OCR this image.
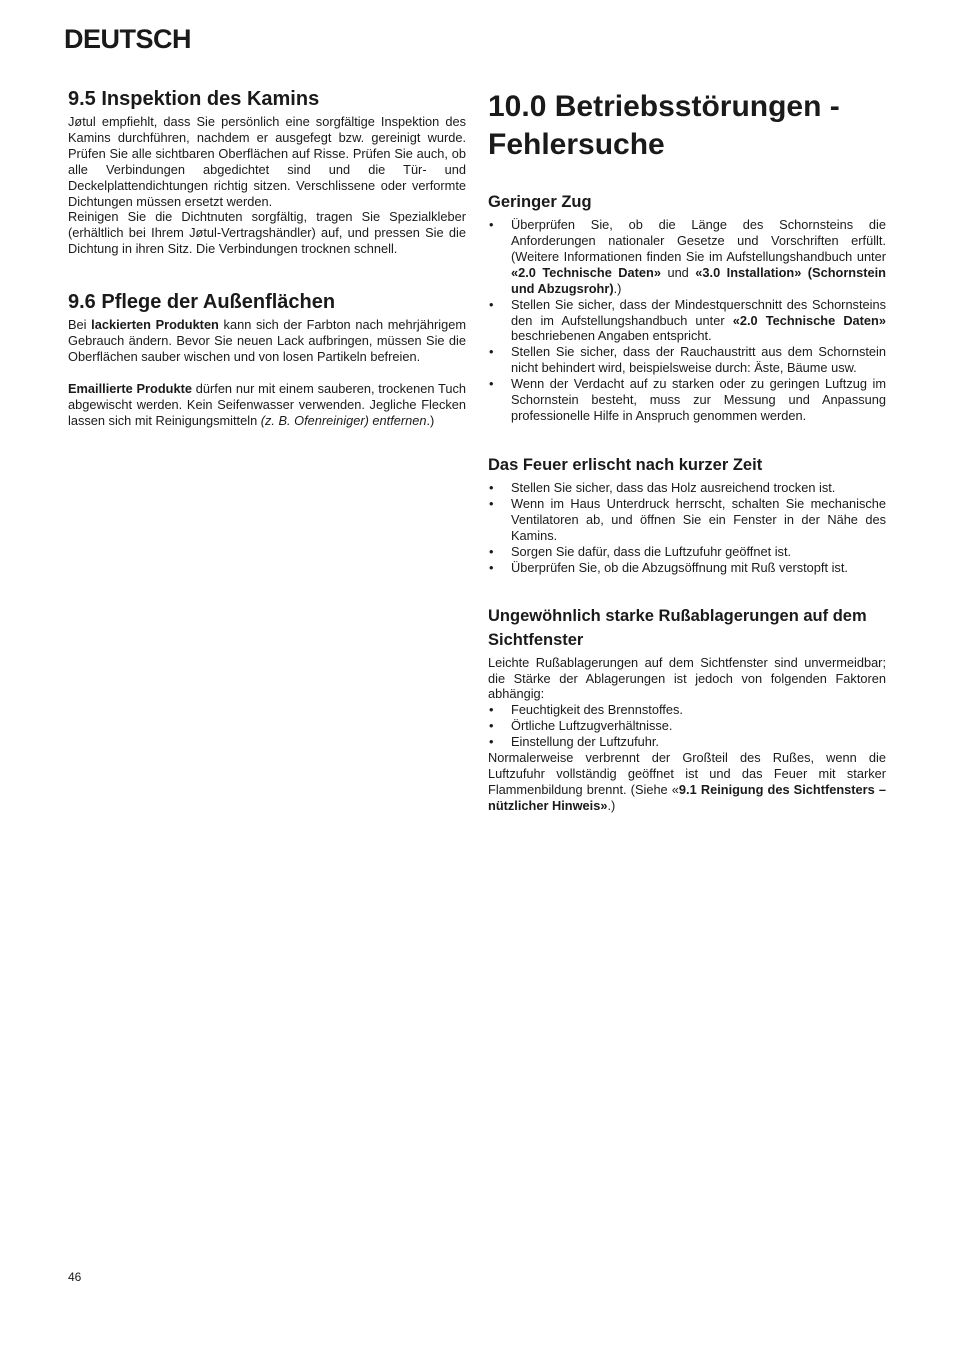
DEUTSCH
9.5 Inspektion des Kamins

Jøtul empfiehlt, dass Sie persönlich eine sorgfältige Inspektion des Kamins durchführen, nachdem er ausgefegt bzw. gereinigt wurde. Prüfen Sie alle sichtbaren Oberflächen auf Risse. Prüfen Sie auch, ob alle Verbindungen abgedichtet sind und die Tür- und Deckelplattendichtungen richtig sitzen. Verschlissene oder verformte Dichtungen müssen ersetzt werden.

Reinigen Sie die Dichtnuten sorgfältig, tragen Sie Spezialkleber (erhältlich bei Ihrem Jøtul-Vertragshändler) auf, und pressen Sie die Dichtung in ihren Sitz. Die Verbindungen trocknen schnell.

9.6 Pflege der Außenflächen

Bei lackierten Produkten kann sich der Farbton nach mehrjährigem Gebrauch ändern. Bevor Sie neuen Lack aufbringen, müssen Sie die Oberflächen sauber wischen und von losen Partikeln befreien.

Emaillierte Produkte dürfen nur mit einem sauberen, trockenen Tuch abgewischt werden. Kein Seifenwasser verwenden. Jegliche Flecken lassen sich mit Reinigungsmitteln (z. B. Ofenreiniger) entfernen.)

10.0 Betriebsstörungen - Fehlersuche
Geringer Zug
• Überprüfen Sie, ob die Länge des Schornsteins die Anforderungen nationaler Gesetze und Vorschriften erfüllt. (Weitere Informationen finden Sie im Aufstellungshandbuch unter «2.0 Technische Daten» und «3.0 Installation» (Schornstein und Abzugsrohr).)
• Stellen Sie sicher, dass der Mindestquerschnitt des Schornsteins den im Aufstellungshandbuch unter «2.0 Technische Daten» beschriebenen Angaben entspricht.
• Stellen Sie sicher, dass der Rauchaustritt aus dem Schornstein nicht behindert wird, beispielsweise durch: Äste, Bäume usw.
• Wenn der Verdacht auf zu starken oder zu geringen Luftzug im Schornstein besteht, muss zur Messung und Anpassung professionelle Hilfe in Anspruch genommen werden.
Das Feuer erlischt nach kurzer Zeit
• Stellen Sie sicher, dass das Holz ausreichend trocken ist.
• Wenn im Haus Unterdruck herrscht, schalten Sie mechanische Ventilatoren ab, und öffnen Sie ein Fenster in der Nähe des Kamins.
• Sorgen Sie dafür, dass die Luftzufuhr geöffnet ist.
• Überprüfen Sie, ob die Abzugsöffnung mit Ruß verstopft ist.
Ungewöhnlich starke Rußablagerungen auf dem Sichtfenster

Leichte Rußablagerungen auf dem Sichtfenster sind unvermeidbar; die Stärke der Ablagerungen ist jedoch von folgenden Faktoren abhängig:

• Feuchtigkeit des Brennstoffes.
• Örtliche Luftzugverhältnisse.
• Einstellung der Luftzufuhr.

Normalerweise verbrennt der Großteil des Rußes, wenn die Luftzufuhr vollständig geöffnet ist und das Feuer mit starker Flammenbildung brennt. (Siehe «9.1 Reinigung des Sichtfensters – nützlicher Hinweis».)

46
